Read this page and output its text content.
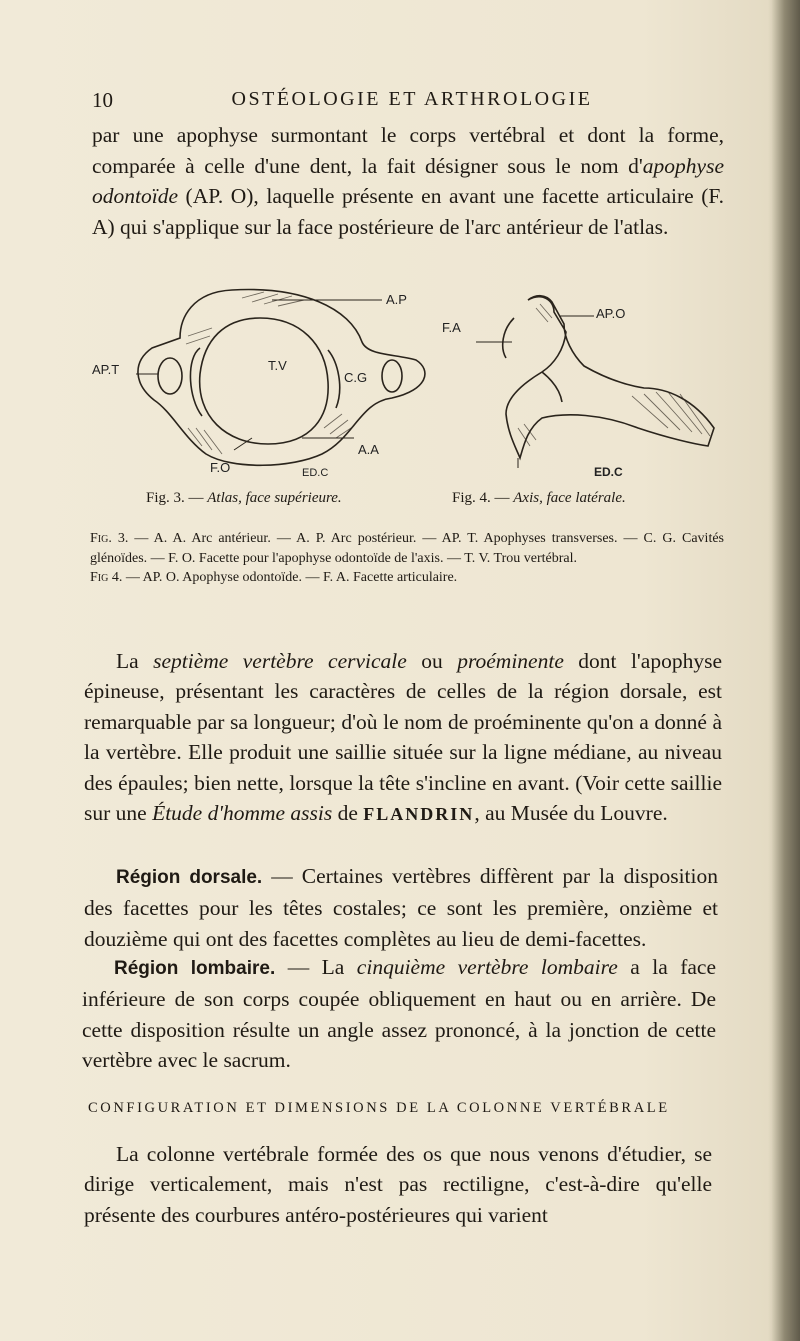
10	OSTÉOLOGIE ET ARTHROLOGIE

par une apophyse surmontant le corps vertébral et dont la forme, comparée à celle d'une dent, la fait désigner sous le nom d'apophyse odontoïde (AP. O), laquelle présente en avant une facette articulaire (F. A) qui s'applique sur la face postérieure de l'arc antérieur de l'atlas.

A.P
AP.T	T.V
C.G
A.A
F.O	ED.C
Fig. 3. — Atlas, face supérieure.
F.A
AP.O
ED.C
Fig. 4. — Axis, face latérale.

Fig. 3. — A. A. Arc antérieur. — A. P. Arc postérieur. — AP. T. Apophyses transverses. — C. G. Cavités glénoïdes. — F. O. Facette pour l'apophyse odontoïde de l'axis. — T. V. Trou vertébral.
Fig 4. — AP. O. Apophyse odontoïde. — F. A. Facette articulaire.

La septième vertèbre cervicale ou proéminente dont l'apophyse épineuse, présentant les caractères de celles de la région dorsale, est remarquable par sa longueur; d'où le nom de proéminente qu'on a donné à la vertèbre. Elle produit une saillie située sur la ligne médiane, au niveau des épaules; bien nette, lorsque la tête s'incline en avant. (Voir cette saillie sur une Étude d'homme assis de FLANDRIN, au Musée du Louvre.

Région dorsale. — Certaines vertèbres diffèrent par la disposition des facettes pour les têtes costales; ce sont les première, onzième et douzième qui ont des facettes complètes au lieu de demi-facettes.

Région lombaire. — La cinquième vertèbre lombaire a la face inférieure de son corps coupée obliquement en haut ou en arrière. De cette disposition résulte un angle assez prononcé, à la jonction de cette vertèbre avec le sacrum.

CONFIGURATION ET DIMENSIONS DE LA COLONNE VERTÉBRALE

La colonne vertébrale formée des os que nous venons d'étudier, se dirige verticalement, mais n'est pas rectiligne, c'est-à-dire qu'elle présente des courbures antéro-postérieures qui varient
